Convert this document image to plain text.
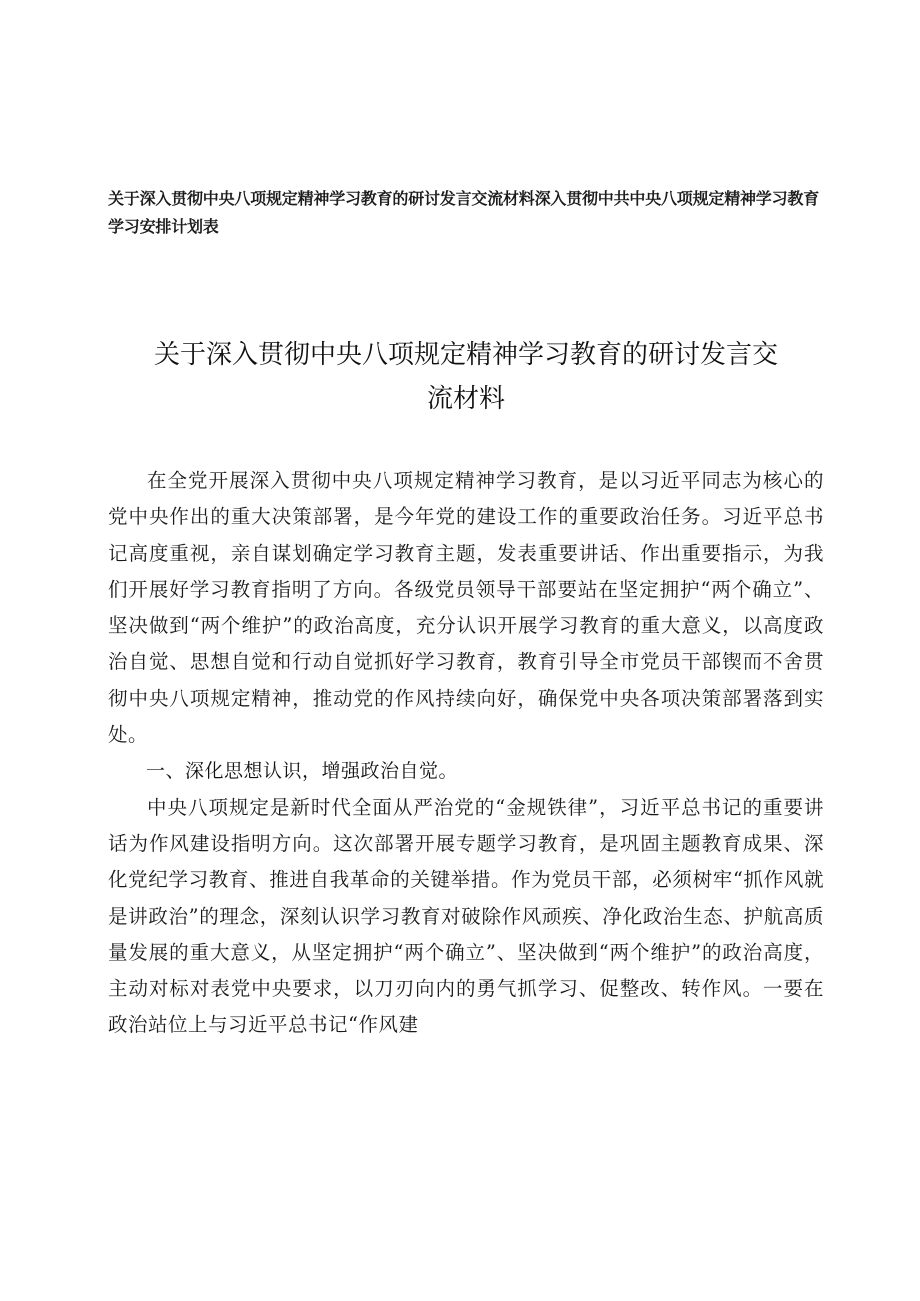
关于深入贯彻中央八项规定精神学习教育的研讨发言交流材料深入贯彻中共中央八项规定精神学习教育学习安排计划表

关于深入贯彻中央八项规定精神学习教育的研讨发言交
流材料

在全党开展深入贯彻中央八项规定精神学习教育，是以习近平同志为核心的党中央作出的重大决策部署，是今年党的建设工作的重要政治任务。习近平总书记高度重视，亲自谋划确定学习教育主题，发表重要讲话、作出重要指示，为我们开展好学习教育指明了方向。各级党员领导干部要站在坚定拥护“两个确立”、坚决做到“两个维护”的政治高度，充分认识开展学习教育的重大意义，以高度政治自觉、思想自觉和行动自觉抓好学习教育，教育引导全市党员干部锲而不舍贯彻中央八项规定精神，推动党的作风持续向好，确保党中央各项决策部署落到实处。

一、深化思想认识，增强政治自觉。

中央八项规定是新时代全面从严治党的“金规铁律”，习近平总书记的重要讲话为作风建设指明方向。这次部署开展专题学习教育，是巩固主题教育成果、深化党纪学习教育、推进自我革命的关键举措。作为党员干部，必须树牢“抓作风就是讲政治”的理念，深刻认识学习教育对破除作风顽疾、净化政治生态、护航高质量发展的重大意义，从坚定拥护“两个确立”、坚决做到“两个维护”的政治高度，主动对标对表党中央要求，以刀刃向内的勇气抓学习、促整改、转作风。一要在政治站位上与习近平总书记“作风建
